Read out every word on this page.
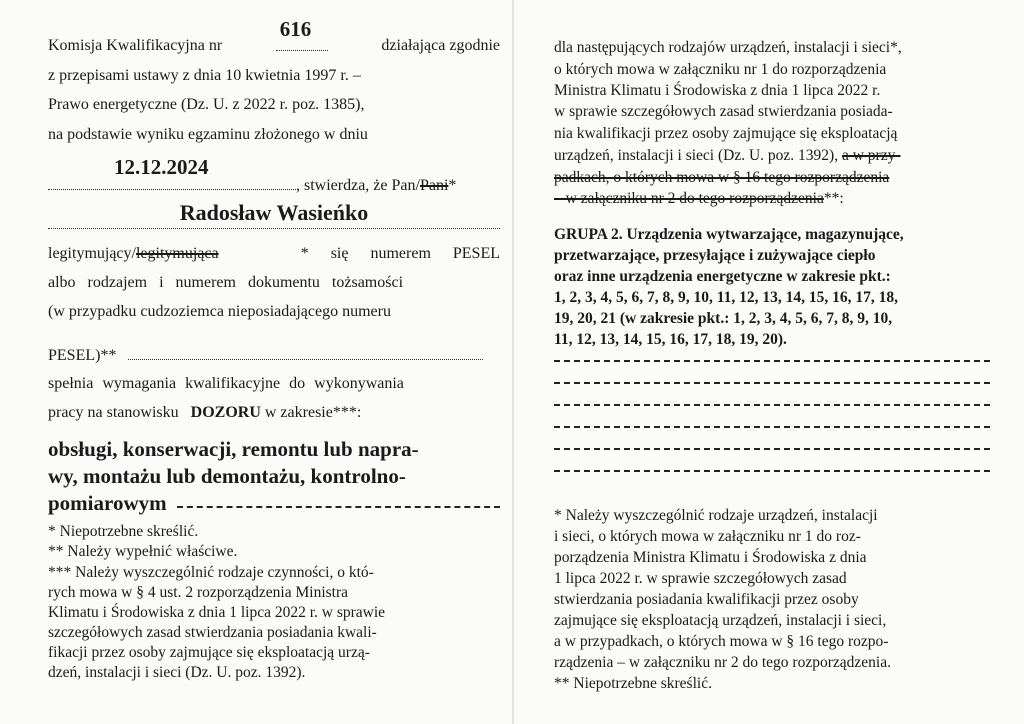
Komisja Kwalifikacyjna nr
616
działająca zgodnie
z przepisami ustawy z dnia 10 kwietnia 1997 r. –
Prawo energetyczne (Dz. U. z 2022 r. poz. 1385),
na podstawie wyniku egzaminu złożonego w dniu
, stwierdza, że Pan/Pani*
12.12.2024
Radosław Wasieńko
legitymujący/legitymująca	* się numerem PESEL
albo rodzajem i numerem dokumentu tożsamości
(w przypadku cudzoziemca nieposiadającego numeru
PESEL)**
spełnia wymagania kwalifikacyjne do wykonywania
pracy na stanowisku DOZORU w zakresie***:
obsługi, konserwacji, remontu lub napra-
wy, montażu lub demontażu, kontrolno-
pomiarowym
* Niepotrzebne skreślić.
** Należy wypełnić właściwe.
*** Należy wyszczególnić rodzaje czynności, o któ-
rych mowa w § 4 ust. 2 rozporządzenia Ministra
Klimatu i Środowiska z dnia 1 lipca 2022 r. w sprawie
szczegółowych zasad stwierdzania posiadania kwali-
fikacji przez osoby zajmujące się eksploatacją urzą-
dzeń, instalacji i sieci (Dz. U. poz. 1392).
dla następujących rodzajów urządzeń, instalacji i sieci*,
o których mowa w załączniku nr 1 do rozporządzenia
Ministra Klimatu i Środowiska z dnia 1 lipca 2022 r.
w sprawie szczegółowych zasad stwierdzania posiada-
nia kwalifikacji przez osoby zajmujące się eksploatacją
urządzeń, instalacji i sieci (Dz. U. poz. 1392), a w przy-
padkach, o których mowa w § 16 tego rozporządzenia
– w załączniku nr 2 do tego rozporządzenia**:
GRUPA 2. Urządzenia wytwarzające, magazynujące,
przetwarzające, przesyłające i zużywające ciepło
oraz inne urządzenia energetyczne w zakresie pkt.:
1, 2, 3, 4, 5, 6, 7, 8, 9, 10, 11, 12, 13, 14, 15, 16, 17, 18,
19, 20, 21 (w zakresie pkt.: 1, 2, 3, 4, 5, 6, 7, 8, 9, 10,
11, 12, 13, 14, 15, 16, 17, 18, 19, 20).
* Należy wyszczególnić rodzaje urządzeń, instalacji
i sieci, o których mowa w załączniku nr 1 do roz-
porządzenia Ministra Klimatu i Środowiska z dnia
1 lipca 2022 r. w sprawie szczegółowych zasad
stwierdzania posiadania kwalifikacji przez osoby
zajmujące się eksploatacją urządzeń, instalacji i sieci,
a w przypadkach, o których mowa w § 16 tego rozpo-
rządzenia – w załączniku nr 2 do tego rozporządzenia.
** Niepotrzebne skreślić.
